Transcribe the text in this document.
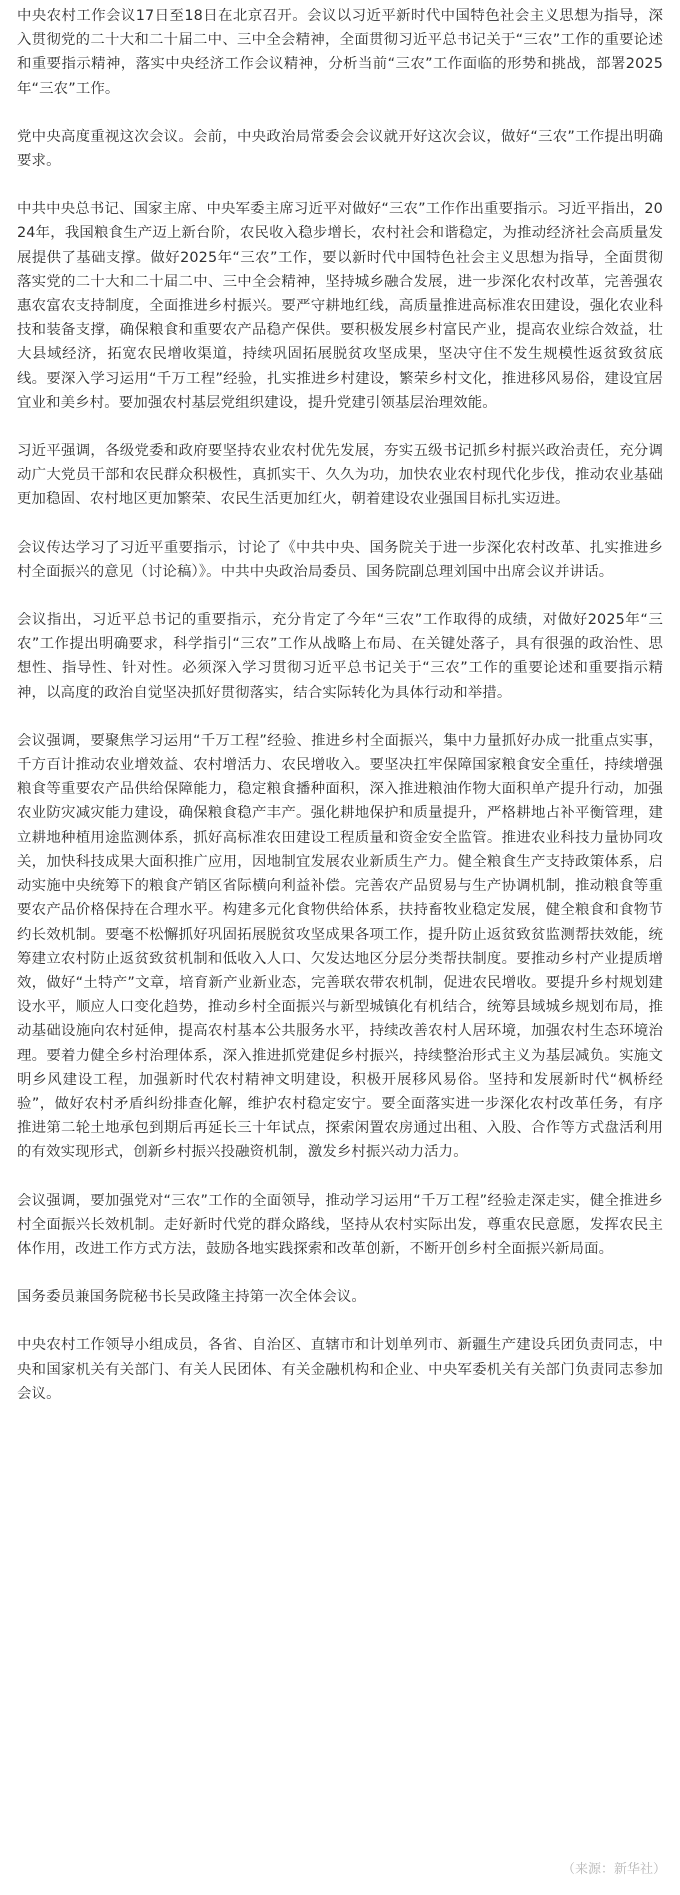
中央农村工作会议17日至18日在北京召开。会议以习近平新时代中国特色社会主义思想为指导，深入贯彻党的二十大和二十届二中、三中全会精神，全面贯彻习近平总书记关于“三农”工作的重要论述和重要指示精神，落实中央经济工作会议精神，分析当前“三农”工作面临的形势和挑战，部署2025年“三农”工作。

党中央高度重视这次会议。会前，中央政治局常委会会议就开好这次会议，做好“三农”工作提出明确要求。

中共中央总书记、国家主席、中央军委主席习近平对做好“三农”工作作出重要指示。习近平指出，2024年，我国粮食生产迈上新台阶，农民收入稳步增长，农村社会和谐稳定，为推动经济社会高质量发展提供了基础支撑。做好2025年“三农”工作，要以新时代中国特色社会主义思想为指导，全面贯彻落实党的二十大和二十届二中、三中全会精神，坚持城乡融合发展，进一步深化农村改革，完善强农惠农富农支持制度，全面推进乡村振兴。要严守耕地红线，高质量推进高标准农田建设，强化农业科技和装备支撑，确保粮食和重要农产品稳产保供。要积极发展乡村富民产业，提高农业综合效益，壮大县域经济，拓宽农民增收渠道，持续巩固拓展脱贫攻坚成果，坚决守住不发生规模性返贫致贫底线。要深入学习运用“千万工程”经验，扎实推进乡村建设，繁荣乡村文化，推进移风易俗，建设宜居宜业和美乡村。要加强农村基层党组织建设，提升党建引领基层治理效能。

习近平强调，各级党委和政府要坚持农业农村优先发展，夯实五级书记抓乡村振兴政治责任，充分调动广大党员干部和农民群众积极性，真抓实干、久久为功，加快农业农村现代化步伐，推动农业基础更加稳固、农村地区更加繁荣、农民生活更加红火，朝着建设农业强国目标扎实迈进。

会议传达学习了习近平重要指示，讨论了《中共中央、国务院关于进一步深化农村改革、扎实推进乡村全面振兴的意见（讨论稿）》。中共中央政治局委员、国务院副总理刘国中出席会议并讲话。

会议指出，习近平总书记的重要指示，充分肯定了今年“三农”工作取得的成绩，对做好2025年“三农”工作提出明确要求，科学指引“三农”工作从战略上布局、在关键处落子，具有很强的政治性、思想性、指导性、针对性。必须深入学习贯彻习近平总书记关于“三农”工作的重要论述和重要指示精神，以高度的政治自觉坚决抓好贯彻落实，结合实际转化为具体行动和举措。

会议强调，要聚焦学习运用“千万工程”经验、推进乡村全面振兴，集中力量抓好办成一批重点实事，千方百计推动农业增效益、农村增活力、农民增收入。要坚决扛牢保障国家粮食安全重任，持续增强粮食等重要农产品供给保障能力，稳定粮食播种面积，深入推进粮油作物大面积单产提升行动，加强农业防灾减灾能力建设，确保粮食稳产丰产。强化耕地保护和质量提升，严格耕地占补平衡管理，建立耕地种植用途监测体系，抓好高标准农田建设工程质量和资金安全监管。推进农业科技力量协同攻关，加快科技成果大面积推广应用，因地制宜发展农业新质生产力。健全粮食生产支持政策体系，启动实施中央统筹下的粮食产销区省际横向利益补偿。完善农产品贸易与生产协调机制，推动粮食等重要农产品价格保持在合理水平。构建多元化食物供给体系，扶持畜牧业稳定发展，健全粮食和食物节约长效机制。要毫不松懈抓好巩固拓展脱贫攻坚成果各项工作，提升防止返贫致贫监测帮扶效能，统筹建立农村防止返贫致贫机制和低收入人口、欠发达地区分层分类帮扶制度。要推动乡村产业提质增效，做好“土特产”文章，培育新产业新业态，完善联农带农机制，促进农民增收。要提升乡村规划建设水平，顺应人口变化趋势，推动乡村全面振兴与新型城镇化有机结合，统筹县域城乡规划布局，推动基础设施向农村延伸，提高农村基本公共服务水平，持续改善农村人居环境，加强农村生态环境治理。要着力健全乡村治理体系，深入推进抓党建促乡村振兴，持续整治形式主义为基层减负。实施文明乡风建设工程，加强新时代农村精神文明建设，积极开展移风易俗。坚持和发展新时代“枫桥经验”，做好农村矛盾纠纷排查化解，维护农村稳定安宁。要全面落实进一步深化农村改革任务，有序推进第二轮土地承包到期后再延长三十年试点，探索闲置农房通过出租、入股、合作等方式盘活利用的有效实现形式，创新乡村振兴投融资机制，激发乡村振兴动力活力。

会议强调，要加强党对“三农”工作的全面领导，推动学习运用“千万工程”经验走深走实，健全推进乡村全面振兴长效机制。走好新时代党的群众路线，坚持从农村实际出发，尊重农民意愿，发挥农民主体作用，改进工作方式方法，鼓励各地实践探索和改革创新，不断开创乡村全面振兴新局面。

国务委员兼国务院秘书长吴政隆主持第一次全体会议。

中央农村工作领导小组成员，各省、自治区、直辖市和计划单列市、新疆生产建设兵团负责同志，中央和国家机关有关部门、有关人民团体、有关金融机构和企业、中央军委机关有关部门负责同志参加会议。

（来源：新华社）
